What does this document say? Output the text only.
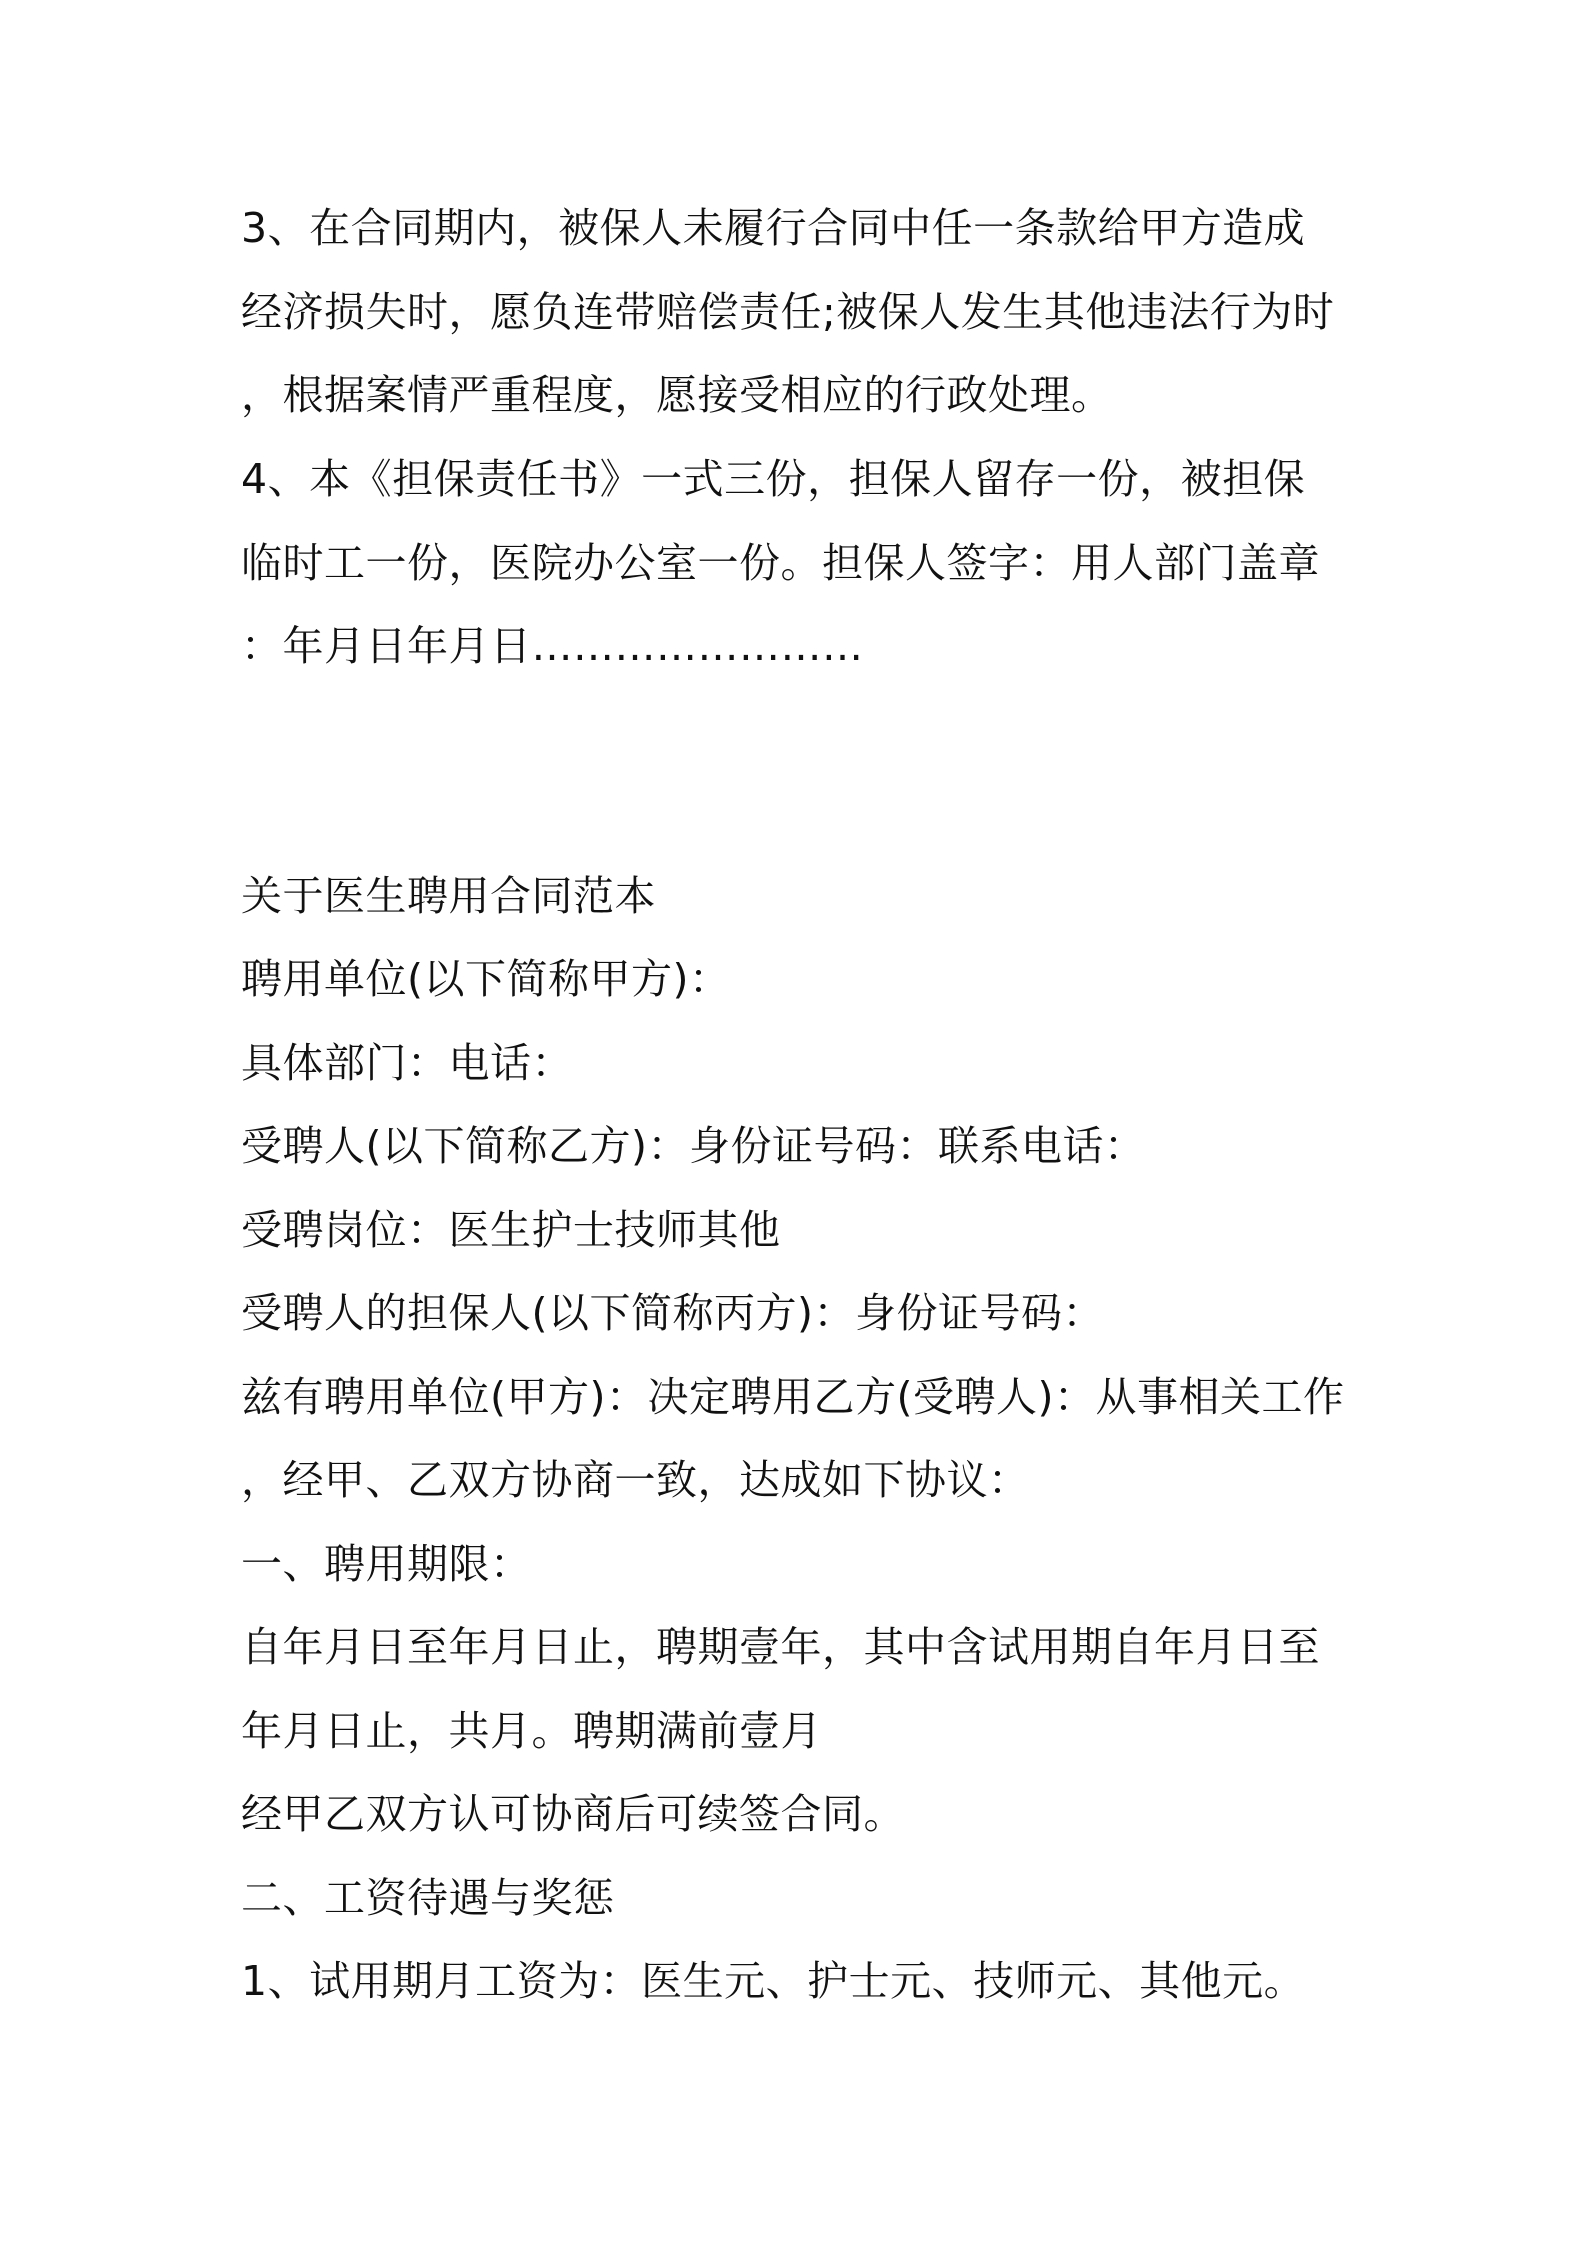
3、在合同期内，被保人未履行合同中任一条款给甲方造成
经济损失时，愿负连带赔偿责任;被保人发生其他违法行为时
，根据案情严重程度，愿接受相应的行政处理。
4、本《担保责任书》一式三份，担保人留存一份，被担保
临时工一份，医院办公室一份。担保人签字：用人部门盖章
：年月日年月日……………………
关于医生聘用合同范本
聘用单位(以下简称甲方)：
具体部门：电话：
受聘人(以下简称乙方)：身份证号码：联系电话：
受聘岗位：医生护士技师其他
受聘人的担保人(以下简称丙方)：身份证号码：
兹有聘用单位(甲方)：决定聘用乙方(受聘人)：从事相关工作
，经甲、乙双方协商一致，达成如下协议：
一、聘用期限：
自年月日至年月日止，聘期壹年，其中含试用期自年月日至
年月日止，共月。聘期满前壹月
经甲乙双方认可协商后可续签合同。
二、工资待遇与奖惩
1、试用期月工资为：医生元、护士元、技师元、其他元。
